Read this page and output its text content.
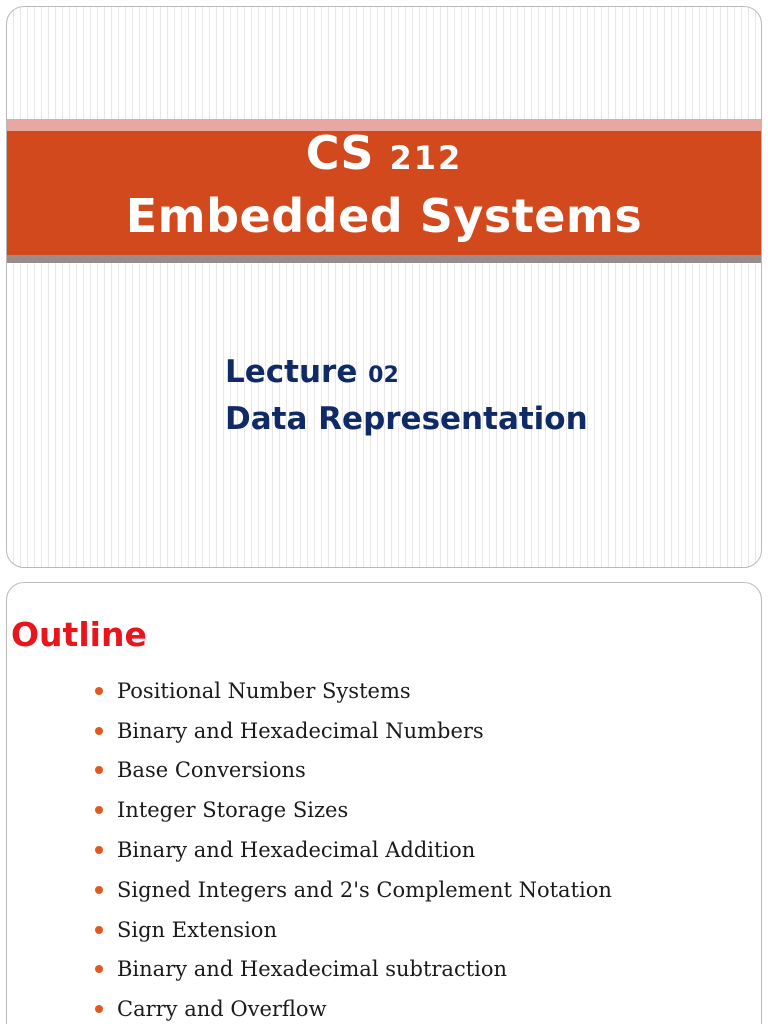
CS 212
Embedded Systems
Lecture 02
Data Representation
Outline
Positional Number Systems
Binary and Hexadecimal Numbers
Base Conversions
Integer Storage Sizes
Binary and Hexadecimal Addition
Signed Integers and 2's Complement Notation
Sign Extension
Binary and Hexadecimal subtraction
Carry and Overflow
